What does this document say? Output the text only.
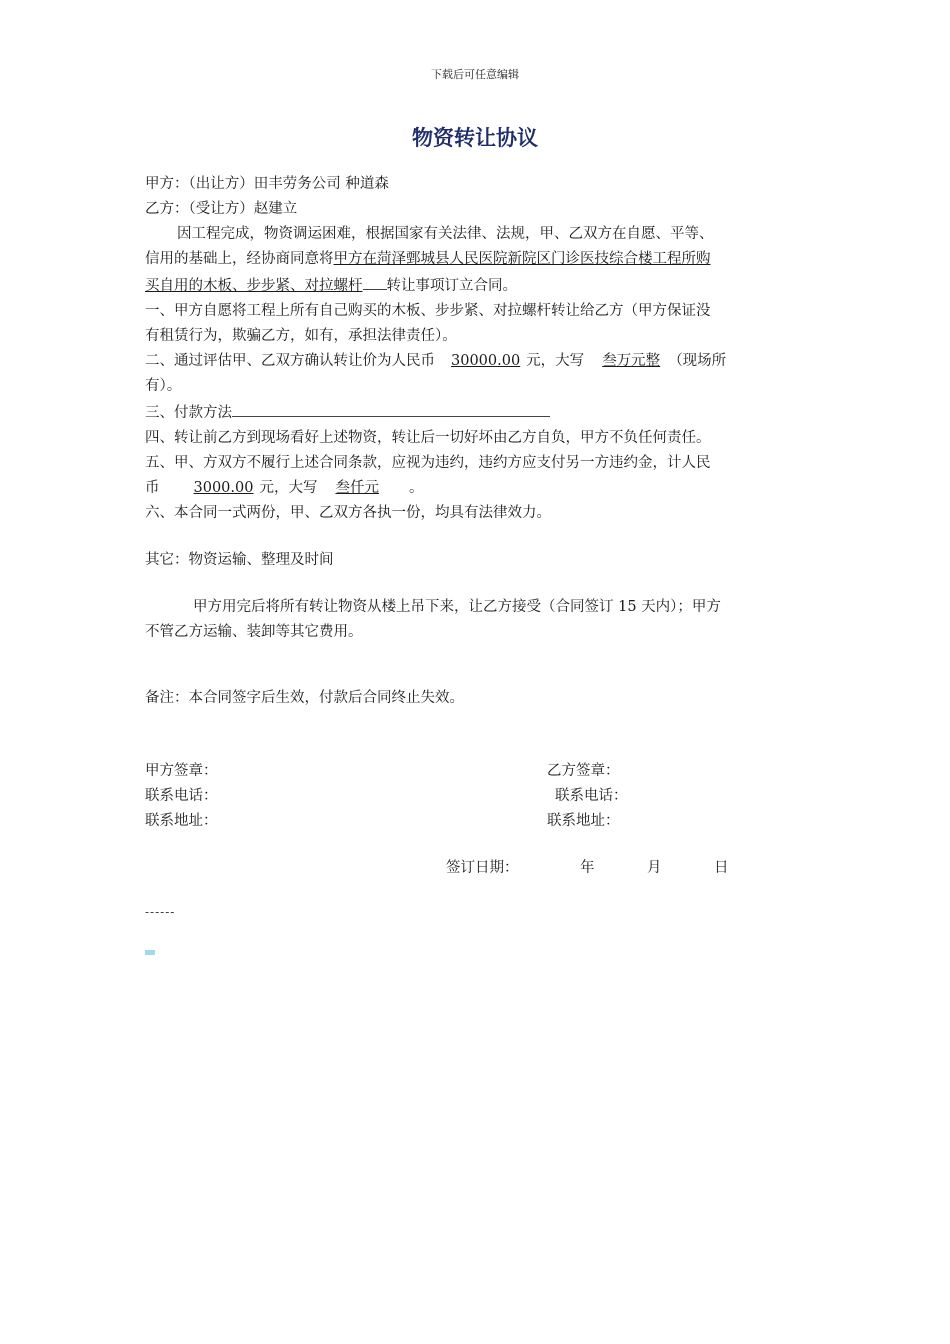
下载后可任意编辑
物资转让协议
甲方：（出让方）田丰劳务公司 种道森
乙方：（受让方）赵建立
因工程完成，物资调运困难，根据国家有关法律、法规，甲、乙双方在自愿、平等、
信用的基础上，经协商同意将甲方在菏泽鄄城县人民医院新院区门诊医技综合楼工程所购
买自用的木板、步步紧、对拉螺杆 转让事项订立合同。
一、甲方自愿将工程上所有自己购买的木板、步步紧、对拉螺杆转让给乙方（甲方保证没
有租赁行为，欺骗乙方，如有，承担法律责任）。
二、通过评估甲、乙双方确认转让价为人民币 30000.00 元，大写 叁万元整 （现场所
有）。
三、付款方法
四、转让前乙方到现场看好上述物资，转让后一切好坏由乙方自负，甲方不负任何责任。
五、甲、方双方不履行上述合同条款，应视为违约，违约方应支付另一方违约金，计人民
币 3000.00 元，大写 叁仟元 。
六、本合同一式两份，甲、乙双方各执一份，均具有法律效力。
其它：物资运输、整理及时间
甲方用完后将所有转让物资从楼上吊下来，让乙方接受（合同签订 15 天内）；甲方
不管乙方运输、装卸等其它费用。
备注：本合同签字后生效，付款后合同终止失效。
甲方签章：
联系电话：
联系地址：
乙方签章：
联系电话：
联系地址：
签订日期：	年	月	日
------
